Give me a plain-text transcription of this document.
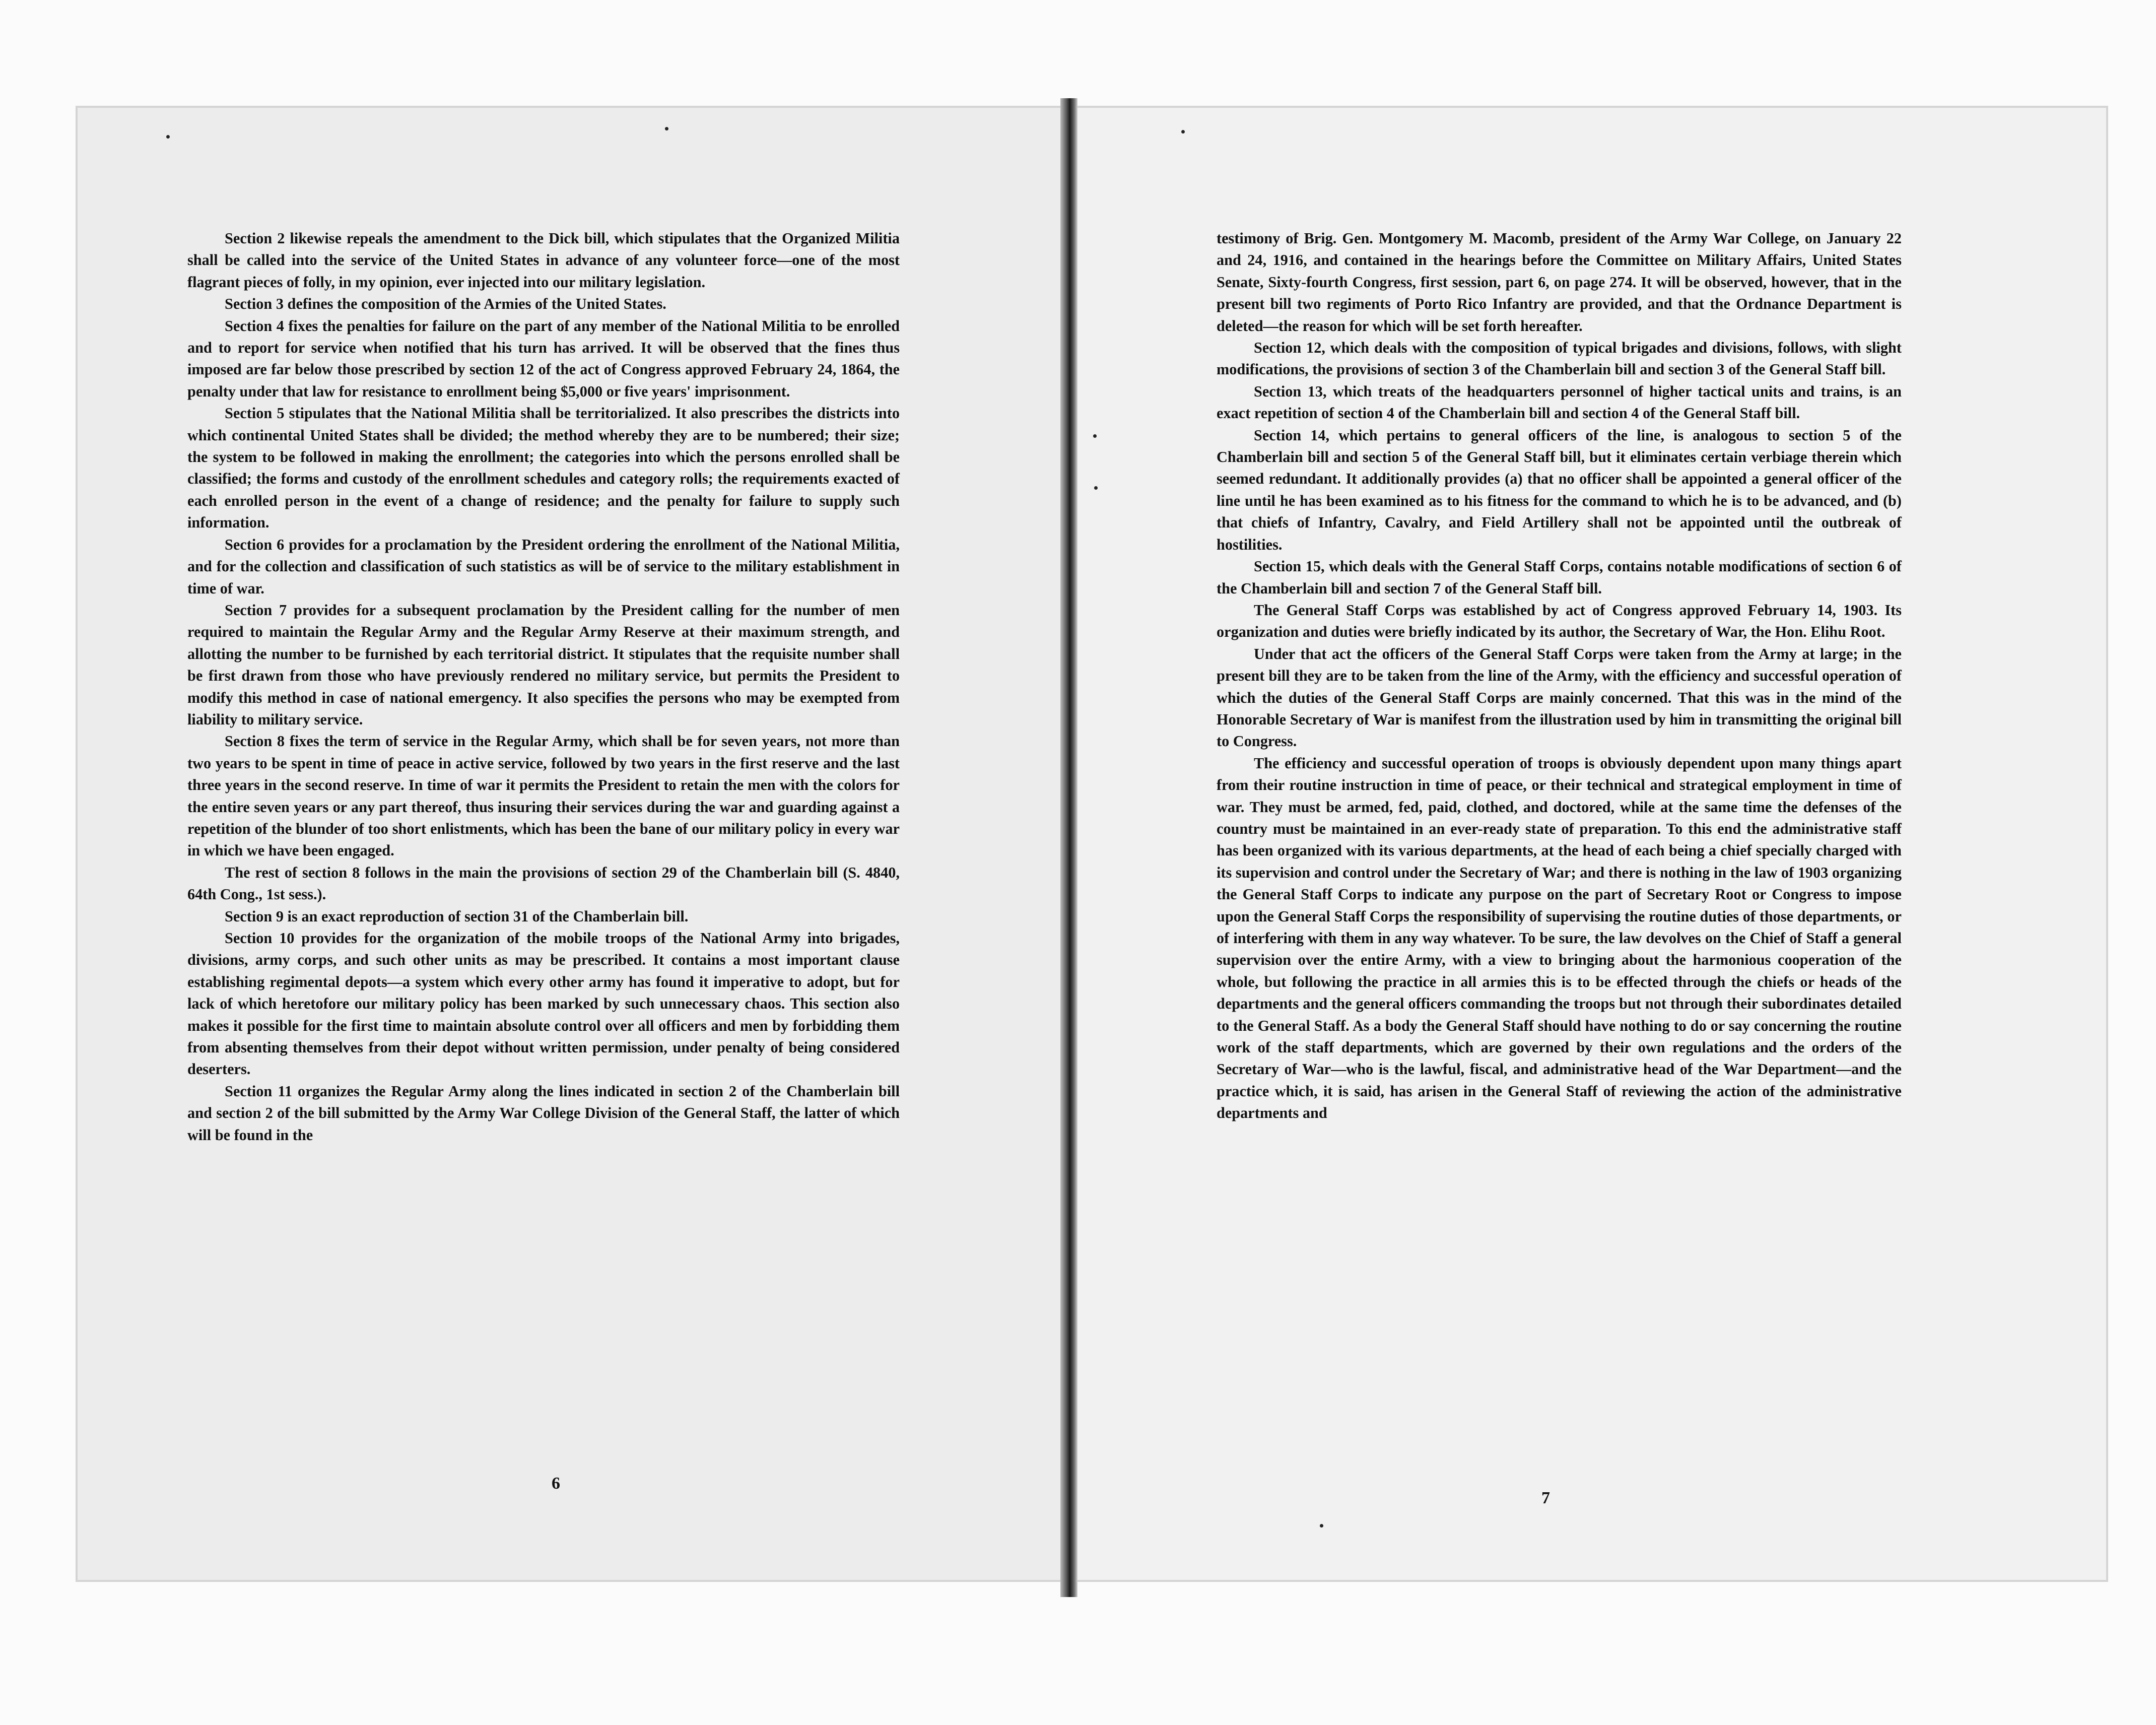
Section 2 likewise repeals the amendment to the Dick bill, which stipulates that the Organized Militia shall be called into the service of the United States in advance of any volunteer force—one of the most flagrant pieces of folly, in my opinion, ever injected into our military legislation.

Section 3 defines the composition of the Armies of the United States.

Section 4 fixes the penalties for failure on the part of any member of the National Militia to be enrolled and to report for service when notified that his turn has arrived. It will be observed that the fines thus imposed are far below those prescribed by section 12 of the act of Congress approved February 24, 1864, the penalty under that law for resistance to enrollment being $5,000 or five years' imprisonment.

Section 5 stipulates that the National Militia shall be territorialized. It also prescribes the districts into which continental United States shall be divided; the method whereby they are to be numbered; their size; the system to be followed in making the enrollment; the categories into which the persons enrolled shall be classified; the forms and custody of the enrollment schedules and category rolls; the requirements exacted of each enrolled person in the event of a change of residence; and the penalty for failure to supply such information.

Section 6 provides for a proclamation by the President ordering the enrollment of the National Militia, and for the collection and classification of such statistics as will be of service to the military establishment in time of war.

Section 7 provides for a subsequent proclamation by the President calling for the number of men required to maintain the Regular Army and the Regular Army Reserve at their maximum strength, and allotting the number to be furnished by each territorial district. It stipulates that the requisite number shall be first drawn from those who have previously rendered no military service, but permits the President to modify this method in case of national emergency. It also specifies the persons who may be exempted from liability to military service.

Section 8 fixes the term of service in the Regular Army, which shall be for seven years, not more than two years to be spent in time of peace in active service, followed by two years in the first reserve and the last three years in the second reserve. In time of war it permits the President to retain the men with the colors for the entire seven years or any part thereof, thus insuring their services during the war and guarding against a repetition of the blunder of too short enlistments, which has been the bane of our military policy in every war in which we have been engaged.

The rest of section 8 follows in the main the provisions of section 29 of the Chamberlain bill (S. 4840, 64th Cong., 1st sess.).

Section 9 is an exact reproduction of section 31 of the Chamberlain bill.

Section 10 provides for the organization of the mobile troops of the National Army into brigades, divisions, army corps, and such other units as may be prescribed. It contains a most important clause establishing regimental depots—a system which every other army has found it imperative to adopt, but for lack of which heretofore our military policy has been marked by such unnecessary chaos. This section also makes it possible for the first time to maintain absolute control over all officers and men by forbidding them from absenting themselves from their depot without written permission, under penalty of being considered deserters.

Section 11 organizes the Regular Army along the lines indicated in section 2 of the Chamberlain bill and section 2 of the bill submitted by the Army War College Division of the General Staff, the latter of which will be found in the

6

testimony of Brig. Gen. Montgomery M. Macomb, president of the Army War College, on January 22 and 24, 1916, and contained in the hearings before the Committee on Military Affairs, United States Senate, Sixty-fourth Congress, first session, part 6, on page 274. It will be observed, however, that in the present bill two regiments of Porto Rico Infantry are provided, and that the Ordnance Department is deleted—the reason for which will be set forth hereafter.

Section 12, which deals with the composition of typical brigades and divisions, follows, with slight modifications, the provisions of section 3 of the Chamberlain bill and section 3 of the General Staff bill.

Section 13, which treats of the headquarters personnel of higher tactical units and trains, is an exact repetition of section 4 of the Chamberlain bill and section 4 of the General Staff bill.

Section 14, which pertains to general officers of the line, is analogous to section 5 of the Chamberlain bill and section 5 of the General Staff bill, but it eliminates certain verbiage therein which seemed redundant. It additionally provides (a) that no officer shall be appointed a general officer of the line until he has been examined as to his fitness for the command to which he is to be advanced, and (b) that chiefs of Infantry, Cavalry, and Field Artillery shall not be appointed until the outbreak of hostilities.

Section 15, which deals with the General Staff Corps, contains notable modifications of section 6 of the Chamberlain bill and section 7 of the General Staff bill.

The General Staff Corps was established by act of Congress approved February 14, 1903. Its organization and duties were briefly indicated by its author, the Secretary of War, the Hon. Elihu Root.

Under that act the officers of the General Staff Corps were taken from the Army at large; in the present bill they are to be taken from the line of the Army, with the efficiency and successful operation of which the duties of the General Staff Corps are mainly concerned. That this was in the mind of the Honorable Secretary of War is manifest from the illustration used by him in transmitting the original bill to Congress.

The efficiency and successful operation of troops is obviously dependent upon many things apart from their routine instruction in time of peace, or their technical and strategical employment in time of war. They must be armed, fed, paid, clothed, and doctored, while at the same time the defenses of the country must be maintained in an ever-ready state of preparation. To this end the administrative staff has been organized with its various departments, at the head of each being a chief specially charged with its supervision and control under the Secretary of War; and there is nothing in the law of 1903 organizing the General Staff Corps to indicate any purpose on the part of Secretary Root or Congress to impose upon the General Staff Corps the responsibility of supervising the routine duties of those departments, or of interfering with them in any way whatever. To be sure, the law devolves on the Chief of Staff a general supervision over the entire Army, with a view to bringing about the harmonious cooperation of the whole, but following the practice in all armies this is to be effected through the chiefs or heads of the departments and the general officers commanding the troops but not through their subordinates detailed to the General Staff. As a body the General Staff should have nothing to do or say concerning the routine work of the staff departments, which are governed by their own regulations and the orders of the Secretary of War—who is the lawful, fiscal, and administrative head of the War Department—and the practice which, it is said, has arisen in the General Staff of reviewing the action of the administrative departments and

7
